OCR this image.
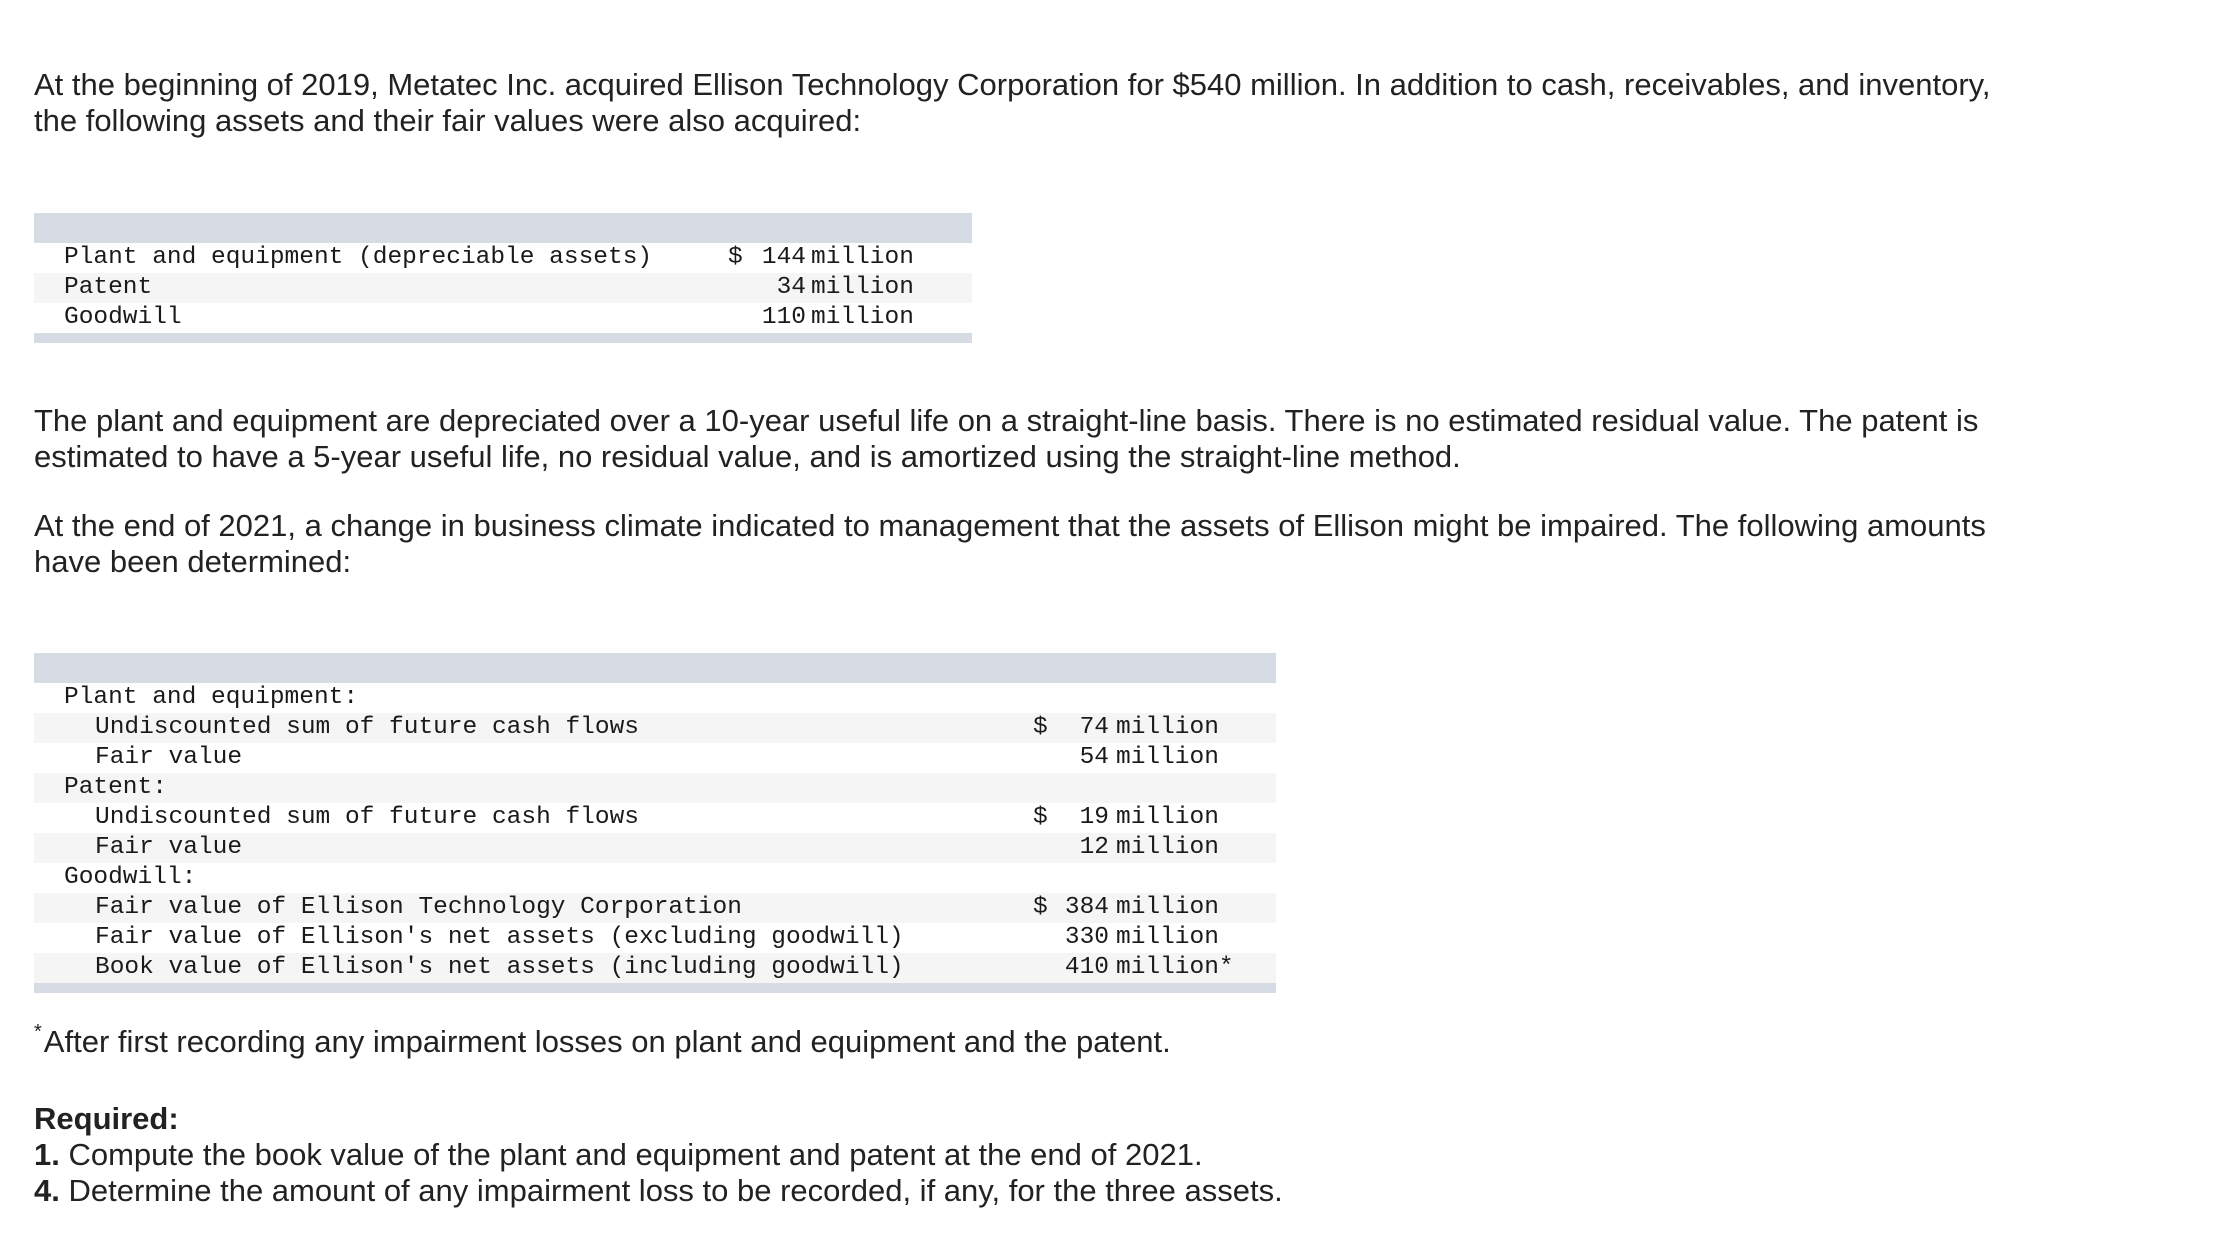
At the beginning of 2019, Metatec Inc. acquired Ellison Technology Corporation for $540 million. In addition to cash, receivables, and inventory, the following assets and their fair values were also acquired:

Plant and equipment (depreciable assets)	$ 144 million
Patent	34 million
Goodwill	110 million

The plant and equipment are depreciated over a 10-year useful life on a straight-line basis. There is no estimated residual value. The patent is estimated to have a 5-year useful life, no residual value, and is amortized using the straight-line method.

At the end of 2021, a change in business climate indicated to management that the assets of Ellison might be impaired. The following amounts have been determined:

Plant and equipment:
Undiscounted sum of future cash flows	$ 74 million
Fair value	54 million
Patent:
Undiscounted sum of future cash flows	$ 19 million
Fair value	12 million
Goodwill:
Fair value of Ellison Technology Corporation	$ 384 million
Fair value of Ellison's net assets (excluding goodwill)	330 million
Book value of Ellison's net assets (including goodwill)	410 million*
*After first recording any impairment losses on plant and equipment and the patent.
Required:
1. Compute the book value of the plant and equipment and patent at the end of 2021.
4. Determine the amount of any impairment loss to be recorded, if any, for the three assets.
